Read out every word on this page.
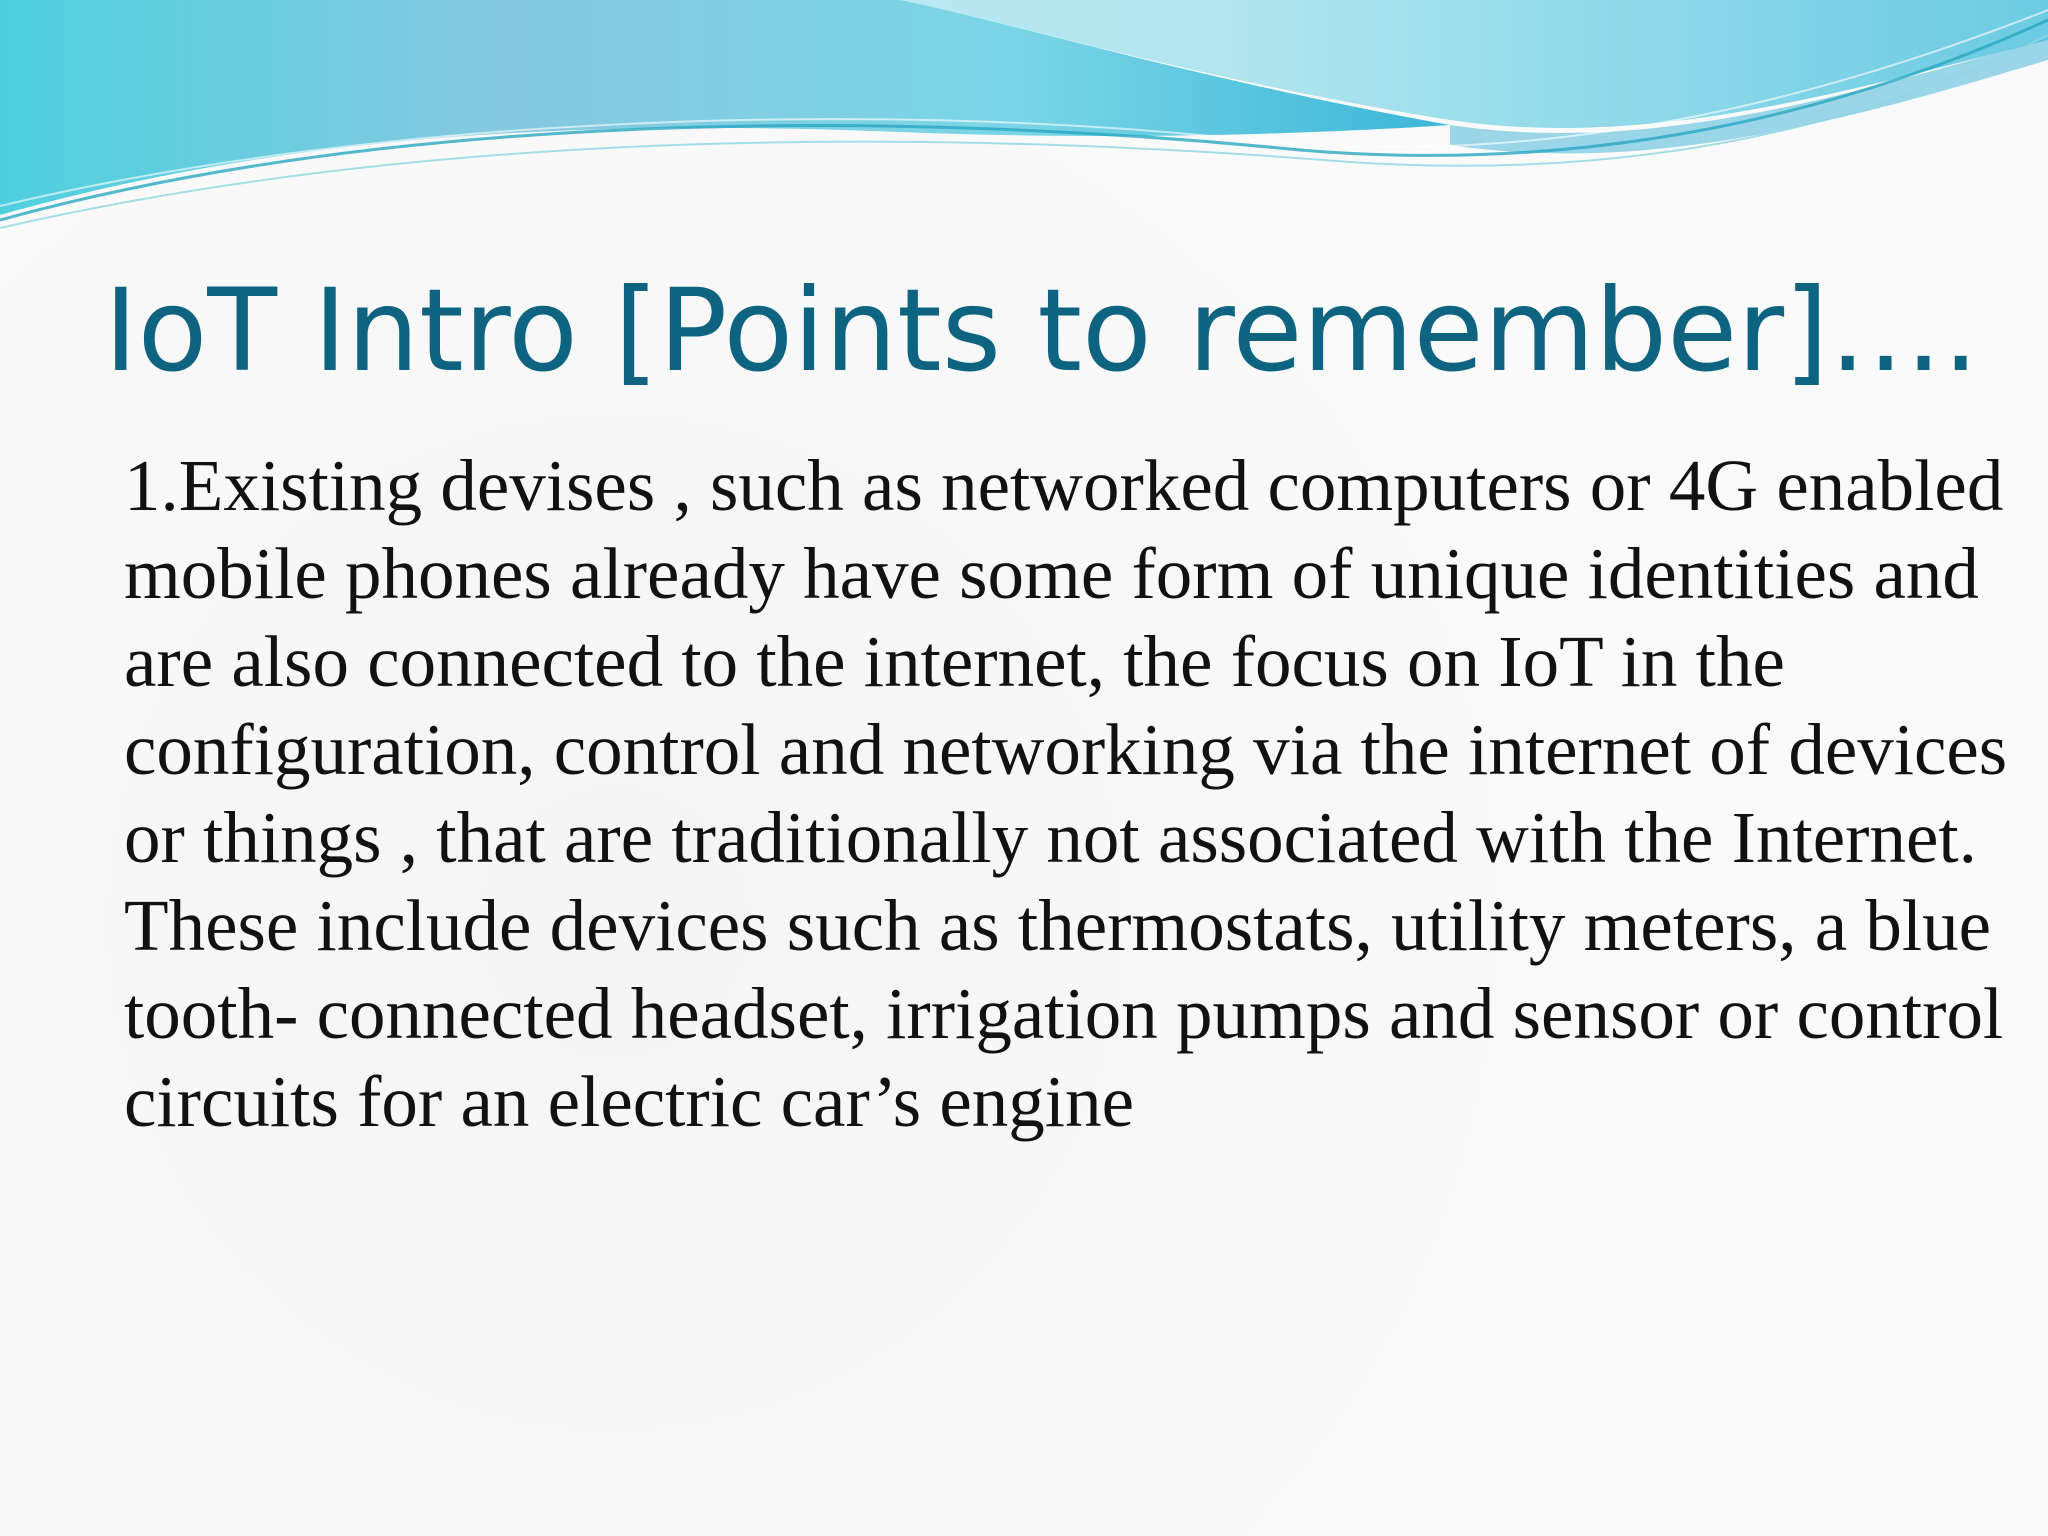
IoT Intro [Points to remember]….

1.Existing devises , such as networked computers or 4G enabled mobile phones already have some form of unique identities and are also connected to the internet, the focus on IoT in the configuration, control and networking via the internet of devices or things , that are traditionally not associated with the Internet. These include devices such as thermostats, utility meters, a blue tooth- connected headset, irrigation pumps and sensor or control circuits for an electric car’s engine
